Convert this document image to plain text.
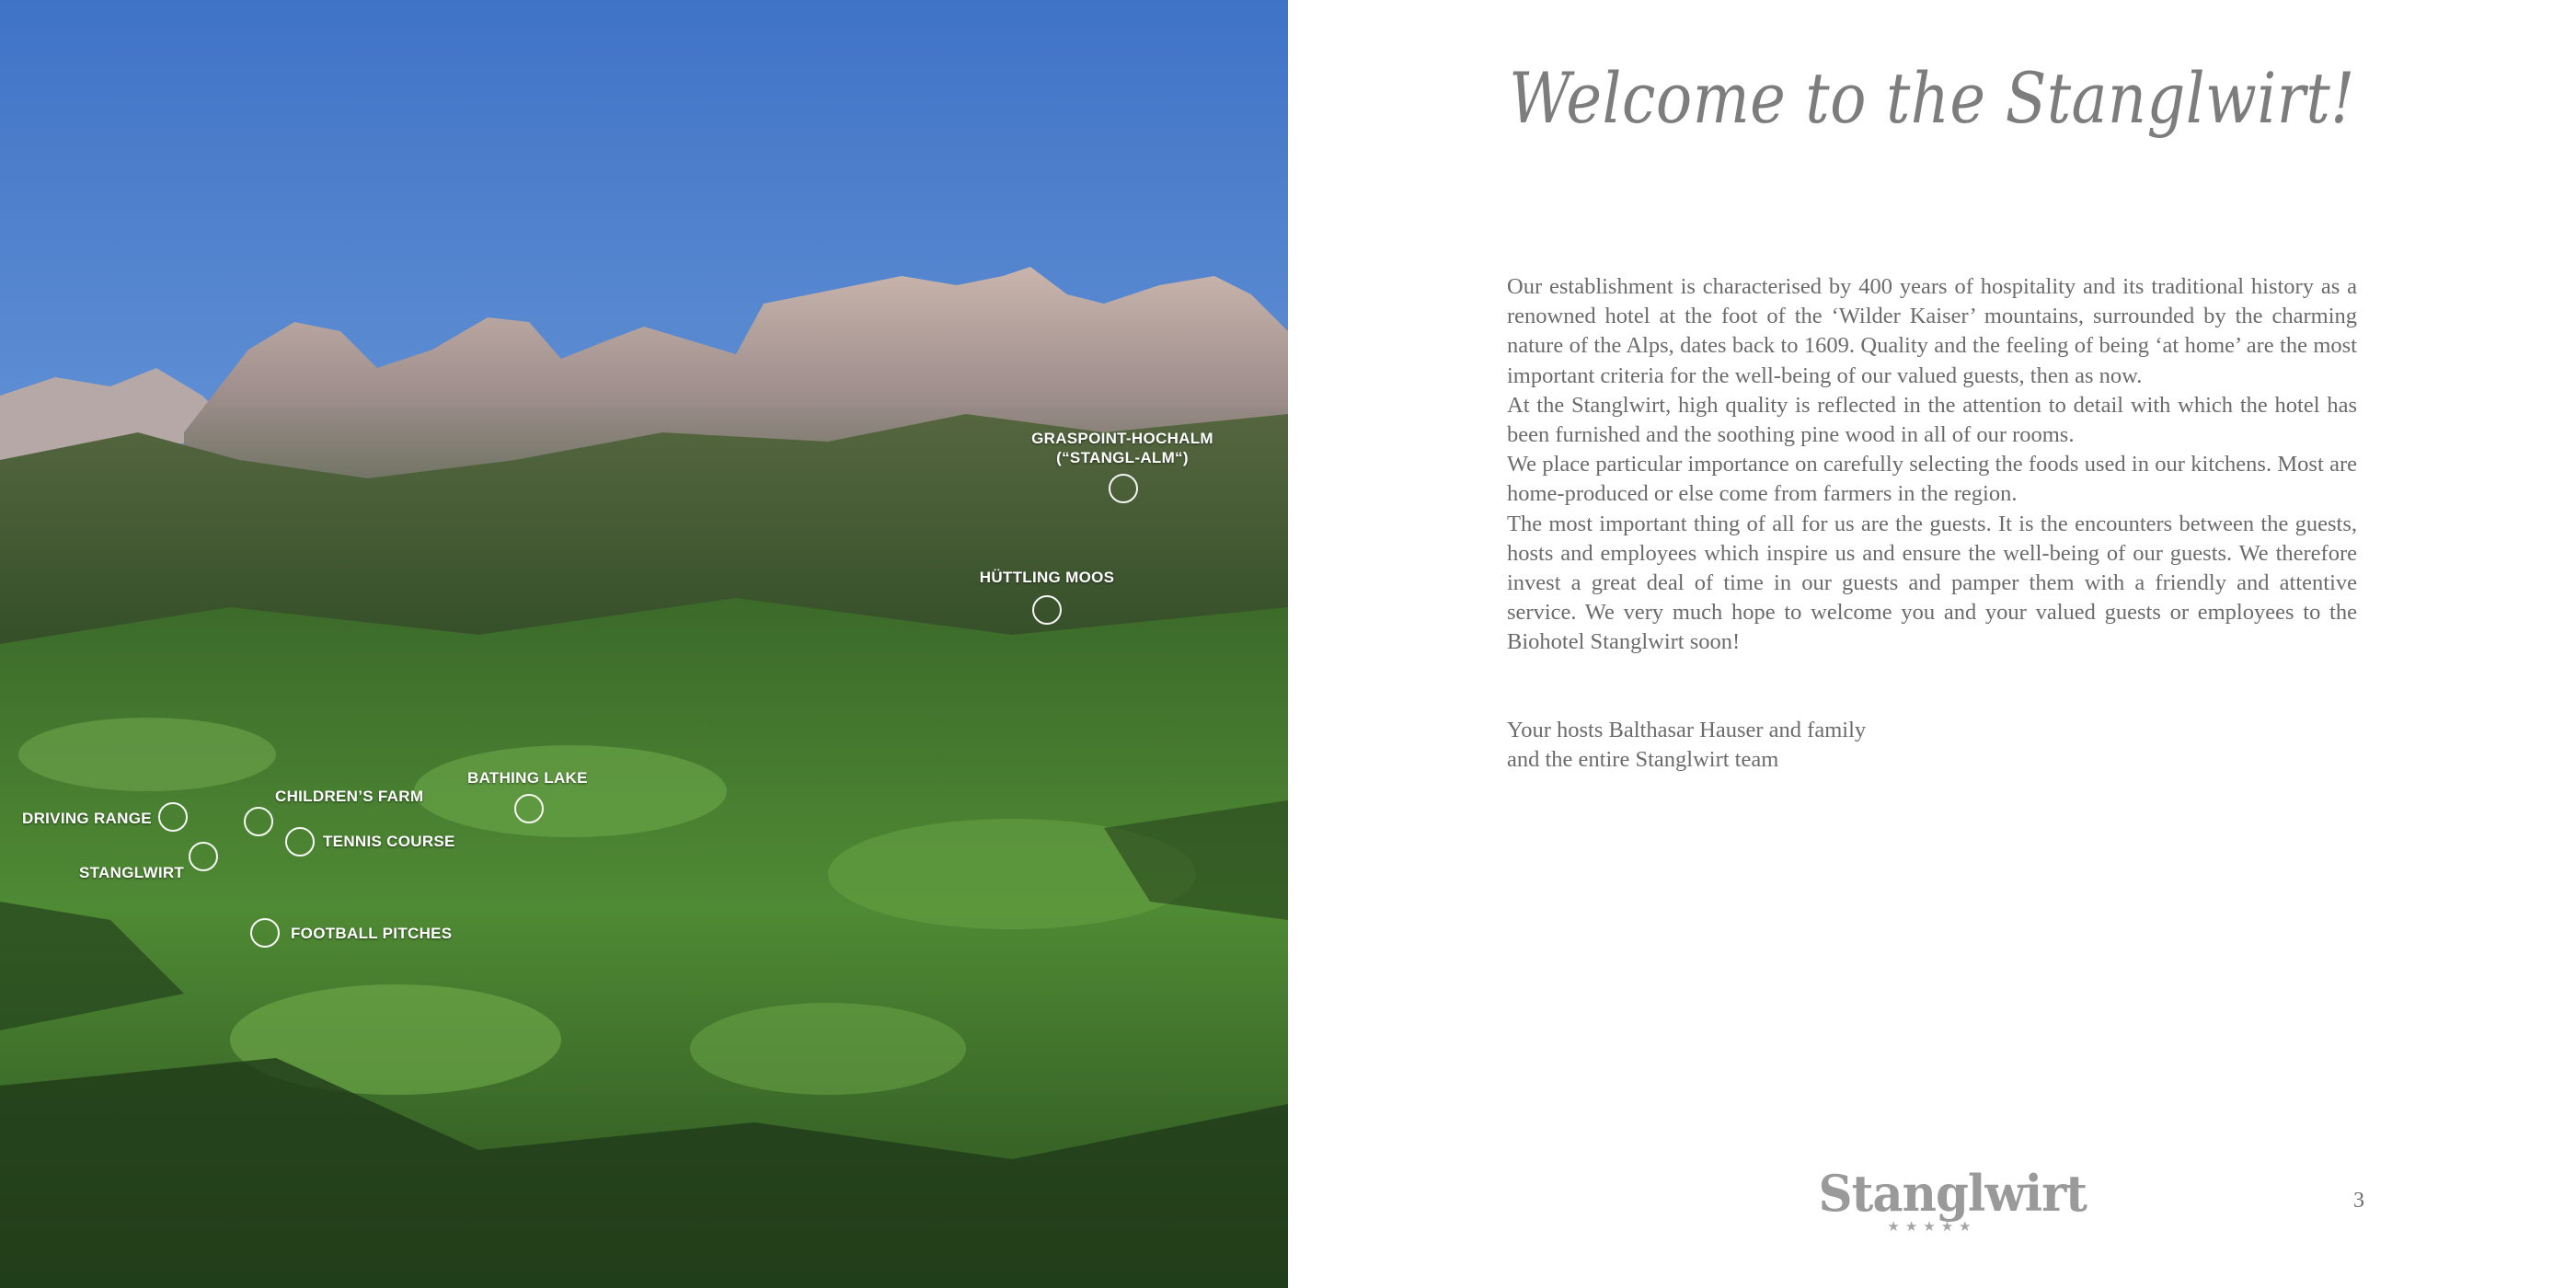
GRASPOINT-HOCHALM
(“STANGL-ALM“)
HÜTTLING MOOS
BATHING LAKE
CHILDREN’S FARM
DRIVING RANGE
TENNIS COURSE
STANGLWIRT
FOOTBALL PITCHES
Welcome to the Stanglwirt!

Our establishment is characterised by 400 years of hospitality and its traditional history as a renowned hotel at the foot of the ‘Wilder Kaiser’ mountains, surrounded by the charming nature of the Alps, dates back to 1609. Quality and the feeling of being ‘at home’ are the most important criteria for the well-being of our valued guests, then as now.

At the Stanglwirt, high quality is reflected in the attention to detail with which the hotel has been furnished and the soothing pine wood in all of our rooms.

We place particular importance on carefully selecting the foods used in our kitchens. Most are home-produced or else come from farmers in the region.

The most important thing of all for us are the guests. It is the encounters between the guests, hosts and employees which inspire us and ensure the well-being of our guests. We therefore invest a great deal of time in our guests and pamper them with a friendly and attentive service. We very much hope to welcome you and your valued guests or employees to the Biohotel Stanglwirt soon!

Your hosts Balthasar Hauser and family
and the entire Stanglwirt team
Stanglwirt
★★★★★
3
